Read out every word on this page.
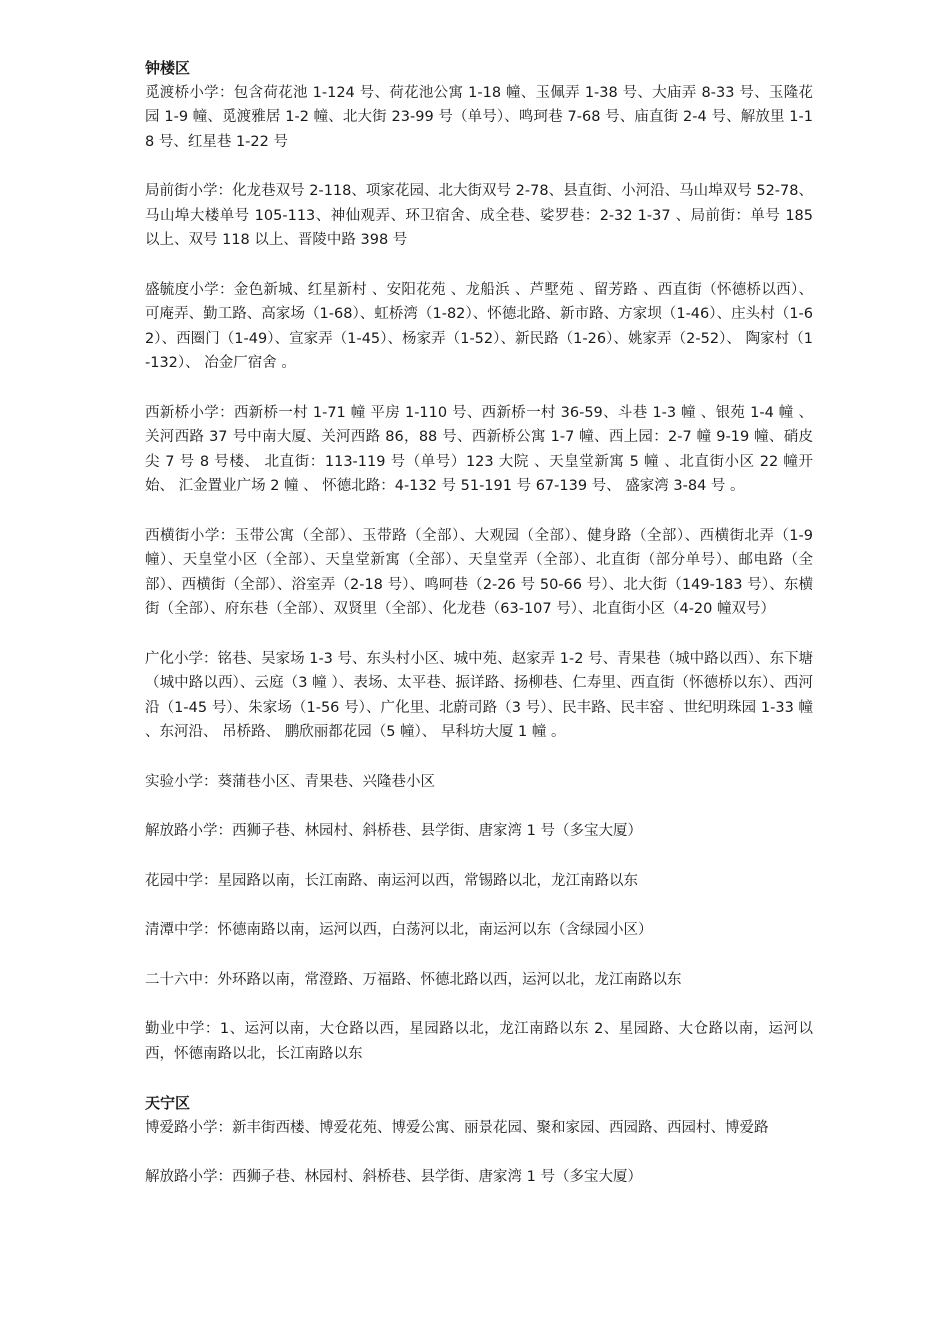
钟楼区

觅渡桥小学：包含荷花池 1-124 号、荷花池公寓 1-18 幢、玉佩弄 1-38 号、大庙弄 8-33 号、玉隆花园 1-9 幢、觅渡雅居 1-2 幢、北大街 23-99 号（单号）、鸣珂巷 7-68 号、庙直街 2-4 号、解放里 1-18 号、红星巷 1-22 号

局前街小学：化龙巷双号 2-118、项家花园、北大街双号 2-78、县直街、小河沿、马山埠双号 52-78、马山埠大楼单号 105-113、神仙观弄、环卫宿舍、成全巷、娑罗巷：2-32 1-37 、局前街：单号 185 以上、双号 118 以上、晋陵中路 398 号

盛毓度小学：金色新城、红星新村 、安阳花苑 、龙船浜 、芦墅苑 、留芳路 、西直街（怀德桥以西）、可庵弄、勤工路、高家场（1-68）、虹桥湾（1-82）、怀德北路、新市路、方家坝（1-46）、庄头村（1-62）、西圈门（1-49）、宣家弄（1-45）、杨家弄（1-52）、新民路（1-26）、姚家弄（2-52）、 陶家村（1-132）、 冶金厂宿舍 。

西新桥小学：西新桥一村 1-71 幢 平房 1-110 号、西新桥一村 36-59、斗巷 1-3 幢 、银苑 1-4 幢 、关河西路 37 号中南大厦、关河西路 86，88 号、西新桥公寓 1-7 幢、西上园：2-7 幢 9-19 幢、硝皮尖 7 号 8 号楼、 北直街：113-119 号（单号）123 大院 、天皇堂新寓 5 幢 、北直街小区 22 幢开始、 汇金置业广场 2 幢 、 怀德北路：4-132 号 51-191 号 67-139 号、 盛家湾 3-84 号 。

西横街小学：玉带公寓（全部）、玉带路（全部）、大观园（全部）、健身路（全部）、西横街北弄（1-9 幢）、天皇堂小区（全部）、天皇堂新寓（全部）、天皇堂弄（全部）、北直街（部分单号）、邮电路（全部）、西横街（全部）、浴室弄（2-18 号）、鸣呵巷（2-26 号 50-66 号）、北大街（149-183 号）、东横街（全部）、府东巷（全部）、双贤里（全部）、化龙巷（63-107 号）、北直街小区（4-20 幢双号）

广化小学：铭巷、吴家场 1-3 号、东头村小区、城中苑、赵家弄 1-2 号、青果巷（城中路以西）、东下塘（城中路以西）、云庭（3 幢 ）、表场、太平巷、振详路、扬柳巷、仁寿里、西直街（怀德桥以东）、西河沿（1-45 号）、朱家场（1-56 号）、广化里、北蔚司路（3 号）、民丰路、民丰窑 、世纪明珠园 1-33 幢 、东河沿、 吊桥路、 鹏欣丽都花园（5 幢）、 早科坊大厦 1 幢 。

实验小学：葵蒲巷小区、青果巷、兴隆巷小区

解放路小学：西狮子巷、林园村、斜桥巷、县学街、唐家湾 1 号（多宝大厦）

花园中学：星园路以南，长江南路、南运河以西，常锡路以北，龙江南路以东

清潭中学：怀德南路以南，运河以西，白荡河以北，南运河以东（含绿园小区）

二十六中：外环路以南，常澄路、万福路、怀德北路以西，运河以北，龙江南路以东

勤业中学：1、运河以南，大仓路以西，星园路以北，龙江南路以东 2、星园路、大仓路以南，运河以西，怀德南路以北，长江南路以东

天宁区

博爱路小学：新丰街西楼、博爱花苑、博爱公寓、丽景花园、聚和家园、西园路、西园村、博爱路

解放路小学：西狮子巷、林园村、斜桥巷、县学街、唐家湾 1 号（多宝大厦）
